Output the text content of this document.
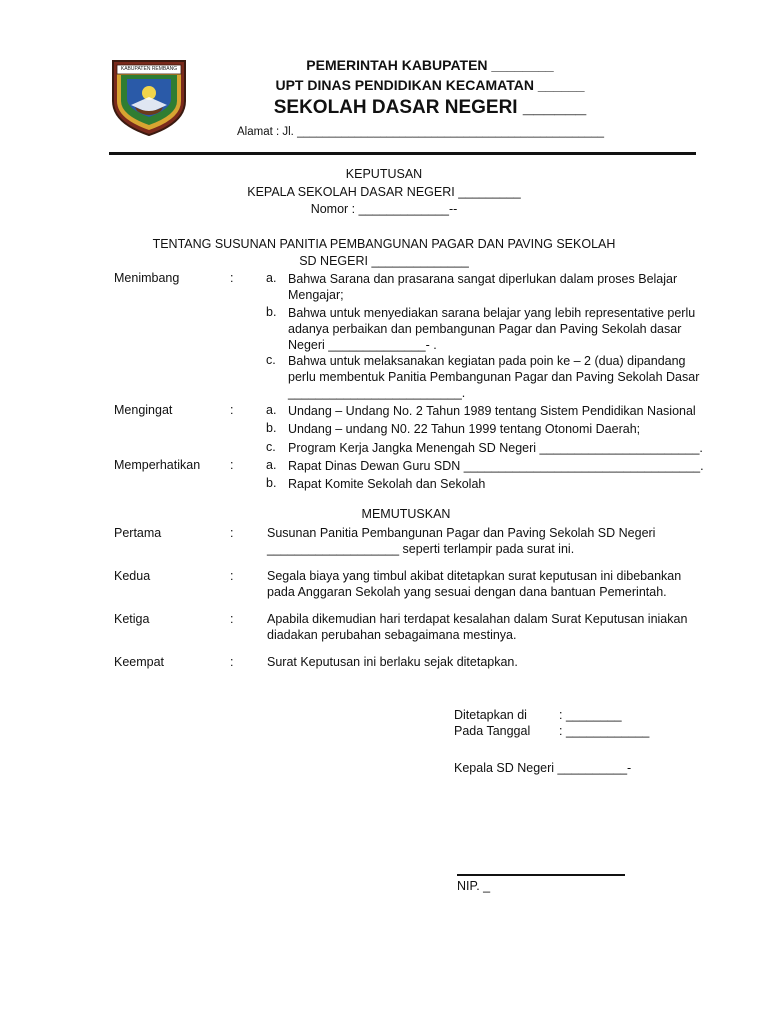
KABUPATEN REMBANG	PEMERINTAH KABUPATEN ________
UPT DINAS PENDIDIKAN KECAMATAN ______
SEKOLAH DASAR NEGERI ______
Alamat : Jl. ________________________________________________
KEPUTUSAN
KEPALA SEKOLAH DASAR NEGERI _________
Nomor : _____________--
TENTANG SUSUNAN PANITIA PEMBANGUNAN PAGAR DAN PAVING SEKOLAH
SD NEGERI ______________
Menimbang	:	a. Bahwa Sarana dan prasarana sangat diperlukan dalam proses Belajar
Mengajar;
b. Bahwa untuk menyediakan sarana belajar yang lebih representative perlu
adanya perbaikan dan pembangunan Pagar dan Paving Sekolah dasar
Negeri ______________- .
c. Bahwa untuk melaksanakan kegiatan pada poin ke – 2 (dua) dipandang
perlu membentuk Panitia Pembangunan Pagar dan Paving Sekolah Dasar
_________________________.
Mengingat	:	a. Undang – Undang No. 2 Tahun 1989 tentang Sistem Pendidikan Nasional
b. Undang – undang N0. 22 Tahun 1999 tentang Otonomi Daerah;
c. Program Kerja Jangka Menengah SD Negeri _______________________.
Memperhatikan :	a. Rapat Dinas Dewan Guru SDN __________________________________.
b. Rapat Komite Sekolah dan Sekolah
MEMUTUSKAN
Pertama	:	Susunan Panitia Pembangunan Pagar dan Paving Sekolah SD Negeri
___________________ seperti terlampir pada surat ini.
Kedua	:	Segala biaya yang timbul akibat ditetapkan surat keputusan ini dibebankan
pada Anggaran Sekolah yang sesuai dengan dana bantuan Pemerintah.
Ketiga	:	Apabila dikemudian hari terdapat kesalahan dalam Surat Keputusan iniakan
diadakan perubahan sebagaimana mestinya.
Keempat	:	Surat Keputusan ini berlaku sejak ditetapkan.
Ditetapkan di	: ________
Pada Tanggal : ____________
Kepala SD Negeri __________-
NIP. _
